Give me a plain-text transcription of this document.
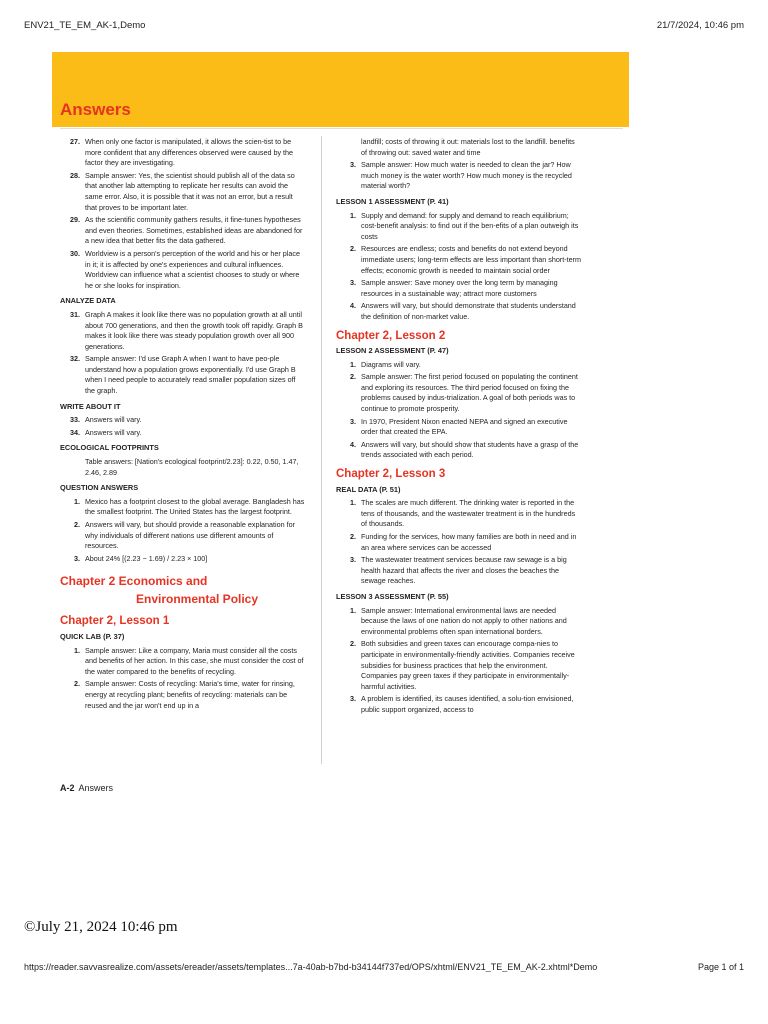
ENV21_TE_EM_AK-1,Demo	21/7/2024, 10:46 pm
Answers
27. When only one factor is manipulated, it allows the scien-tist to be more confident that any differences observed were caused by the factor they are investigating.
28. Sample answer: Yes, the scientist should publish all of the data so that another lab attempting to replicate her results can avoid the same error. Also, it is possible that it was not an error, but a result that proves to be important later.
29. As the scientific community gathers results, it fine-tunes hypotheses and even theories. Sometimes, established ideas are abandoned for a new idea that better fits the data gathered.
30. Worldview is a person's perception of the world and his or her place in it; it is affected by one's experiences and cultural influences. Worldview can influence what a scientist chooses to study or where he or she looks for inspiration.
ANALYZE DATA
31. Graph A makes it look like there was no population growth at all until about 700 generations, and then the growth took off rapidly. Graph B makes it look like there was steady population growth over all 900 generations.
32. Sample answer: I'd use Graph A when I want to have peo-ple understand how a population grows exponentially. I'd use Graph B when I need people to accurately read smaller population sizes off the graph.
WRITE ABOUT IT
33. Answers will vary.
34. Answers will vary.
ECOLOGICAL FOOTPRINTS
Table answers: [Nation's ecological footprint/2.23]: 0.22, 0.50, 1.47, 2.46, 2.89
QUESTION ANSWERS
1. Mexico has a footprint closest to the global average. Bangladesh has the smallest footprint. The United States has the largest footprint.
2. Answers will vary, but should provide a reasonable explanation for why individuals of different nations use different amounts of resources.
3. About 24% [(2.23 − 1.69) / 2.23 × 100]
Chapter 2 Economics and
Environmental Policy
Chapter 2, Lesson 1
QUICK LAB (P. 37)
1. Sample answer: Like a company, Maria must consider all the costs and benefits of her action. In this case, she must consider the cost of the water compared to the benefits of recycling.
2. Sample answer: Costs of recycling: Maria's time, water for rinsing, energy at recycling plant; benefits of recycling: materials can be reused and the jar won't end up in a
landfill; costs of throwing it out: materials lost to the landfill. benefits of throwing out: saved water and time
3. Sample answer: How much water is needed to clean the jar? How much money is the water worth? How much money is the recycled material worth?
LESSON 1 ASSESSMENT (P. 41)
1. Supply and demand: for supply and demand to reach equilibrium; cost-benefit analysis: to find out if the ben-efits of a plan outweigh its costs
2. Resources are endless; costs and benefits do not extend beyond immediate users; long-term effects are less important than short-term effects; economic growth is needed to maintain social order
3. Sample answer: Save money over the long term by managing resources in a sustainable way; attract more customers
4. Answers will vary, but should demonstrate that students understand the definition of non-market value.
Chapter 2, Lesson 2
LESSON 2 ASSESSMENT (P. 47)
1. Diagrams will vary.
2. Sample answer: The first period focused on populating the continent and exploring its resources. The third period focused on fixing the problems caused by indus-trialization. A goal of both periods was to continue to promote prosperity.
3. In 1970, President Nixon enacted NEPA and signed an executive order that created the EPA.
4. Answers will vary, but should show that students have a grasp of the trends associated with each period.
Chapter 2, Lesson 3
REAL DATA (P. 51)
1. The scales are much different. The drinking water is reported in the tens of thousands, and the wastewater treatment is in the hundreds of thousands.
2. Funding for the services, how many families are both in need and in an area where services can be accessed
3. The wastewater treatment services because raw sewage is a big health hazard that affects the river and closes the beaches the sewage reaches.
LESSON 3 ASSESSMENT (P. 55)
1. Sample answer: International environmental laws are needed because the laws of one nation do not apply to other nations and environmental problems often span international borders.
2. Both subsidies and green taxes can encourage compa-nies to participate in environmentally-friendly activities. Companies receive subsidies for business practices that help the environment. Companies pay green taxes if they participate in environmentally-harmful activities.
3. A problem is identified, its causes identified, a solu-tion envisioned, public support organized, access to
A-2 Answers
©July 21, 2024 10:46 pm
https://reader.savvasrealize.com/assets/ereader/assets/templates...7a-40ab-b7bd-b34144f737ed/OPS/xhtml/ENV21_TE_EM_AK-2.xhtml*Demo	Page 1 of 1
